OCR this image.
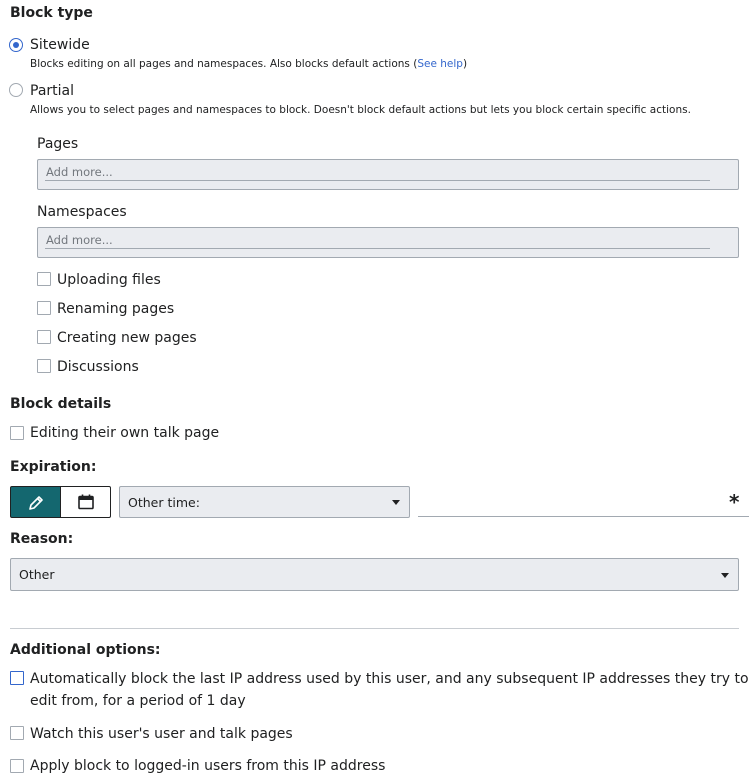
Block type
Sitewide
Blocks editing on all pages and namespaces. Also blocks default actions (See help)
Partial
Allows you to select pages and namespaces to block. Doesn't block default actions but lets you block certain specific actions.
Pages
Add more...
Namespaces
Add more...
Uploading files
Renaming pages
Creating new pages
Discussions
Block details
Editing their own talk page
Expiration:
Other time:	*
Reason:
Other
Additional options:
Automatically block the last IP address used by this user, and any subsequent IP addresses they try to
edit from, for a period of 1 day
Watch this user's user and talk pages
Apply block to logged-in users from this IP address
